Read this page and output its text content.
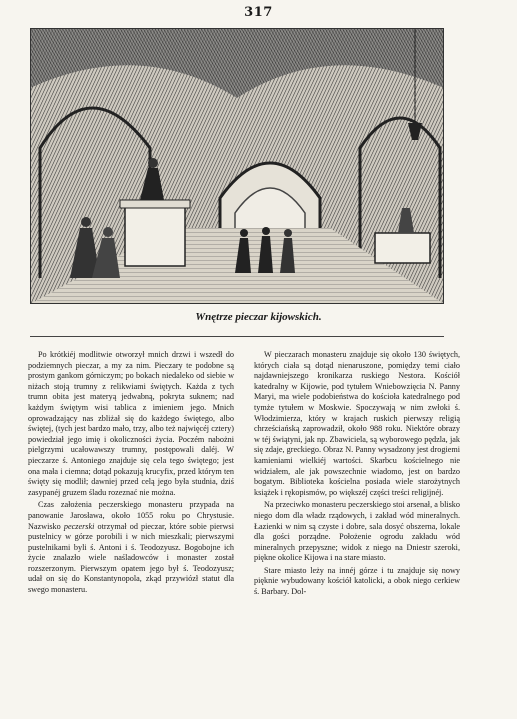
317
Wnętrze pieczar kijowskich.

Po krótkiéj modlitwie otworzył mnich drzwi i wszedł do podziemnych pieczar, a my za nim. Pieczary te podobne są prostym gankom górniczym; po bokach niedaleko od siebie w niżach stoją trumny z relikwiami świętych. Każda z tych trumn obita jest materyą jedwabną, pokryta suknem; nad każdym świętym wisi tablica z imieniem jego. Mnich oprowadzający nas zbliżał się do każdego świętego, albo świętej, (tych jest bardzo mało, trzy, albo też najwięcéj cztery) powiedział jego imię i okoliczności życia. Poczém nabożni pielgrzymi ucałowawszy trumny, postępowali daléj. W pieczarze ś. Antoniego znajduje się cela tego świętego; jest ona mała i ciemna; dotąd pokazują krucyfix, przed którym ten święty się modlił; dawniej przed celą jego była studnia, dziś zasypanéj gruzem śladu rozeznać nie można.

Czas założenia peczerskiego monasteru przypada na panowanie Jarosława, około 1055 roku po Chrystusie. Nazwisko peczerski otrzymał od pieczar, które sobie pierwsi pustelnicy w górze porobili i w nich mieszkali; pierwszymi pustelnikami byli ś. Antoni i ś. Teodozyusz. Bogobojne ich życie znalazło wiele naśladowców i monaster został rozszerzonym. Pierwszym opatem jego był ś. Teodozyusz; udał on się do Konstantynopola, zkąd przywiózł statut dla swego monasteru.

W pieczarach monasteru znajduje się około 130 świętych, których ciała są dotąd nienaruszone, pomiędzy temi ciało najdawniejszego kronikarza ruskiego Nestora. Kościół katedralny w Kijowie, pod tytułem Wniebowzięcia N. Panny Maryi, ma wiele podobieństwa do kościoła katedralnego pod tymże tytułem w Moskwie. Spoczywają w nim zwłoki ś. Włodzimierza, który w krajach ruskich pierwszy religią chrześciańską zaprowadził, około 988 roku. Niektóre obrazy w téj świątyni, jak np. Zbawiciela, są wyborowego pędzla, jak się zdaje, greckiego. Obraz N. Panny wysadzony jest drogiemi kamieniami wielkiéj wartości. Skarbcu kościelnego nie widziałem, ale jak powszechnie wiadomo, jest on bardzo bogatym. Biblioteka kościelna posiada wiele starożytnych książek i rękopismów, po większéj części treści religijnéj.

Na przeciwko monasteru peczerskiego stoi arsenał, a blisko niego dom dla władz rządowych, i zakład wód mineralnych. Łazienki w nim są czyste i dobre, sala dosyć obszerna, lokale dla gości porządne. Położenie ogrodu zakładu wód mineralnych przepyszne; widok z niego na Dniestr szeroki, piękne okolice Kijowa i na stare miasto.

Stare miasto leży na innéj górze i tu znajduje się nowy pięknie wybudowany kościół katolicki, a obok niego cerkiew ś. Barbary. Dol-
